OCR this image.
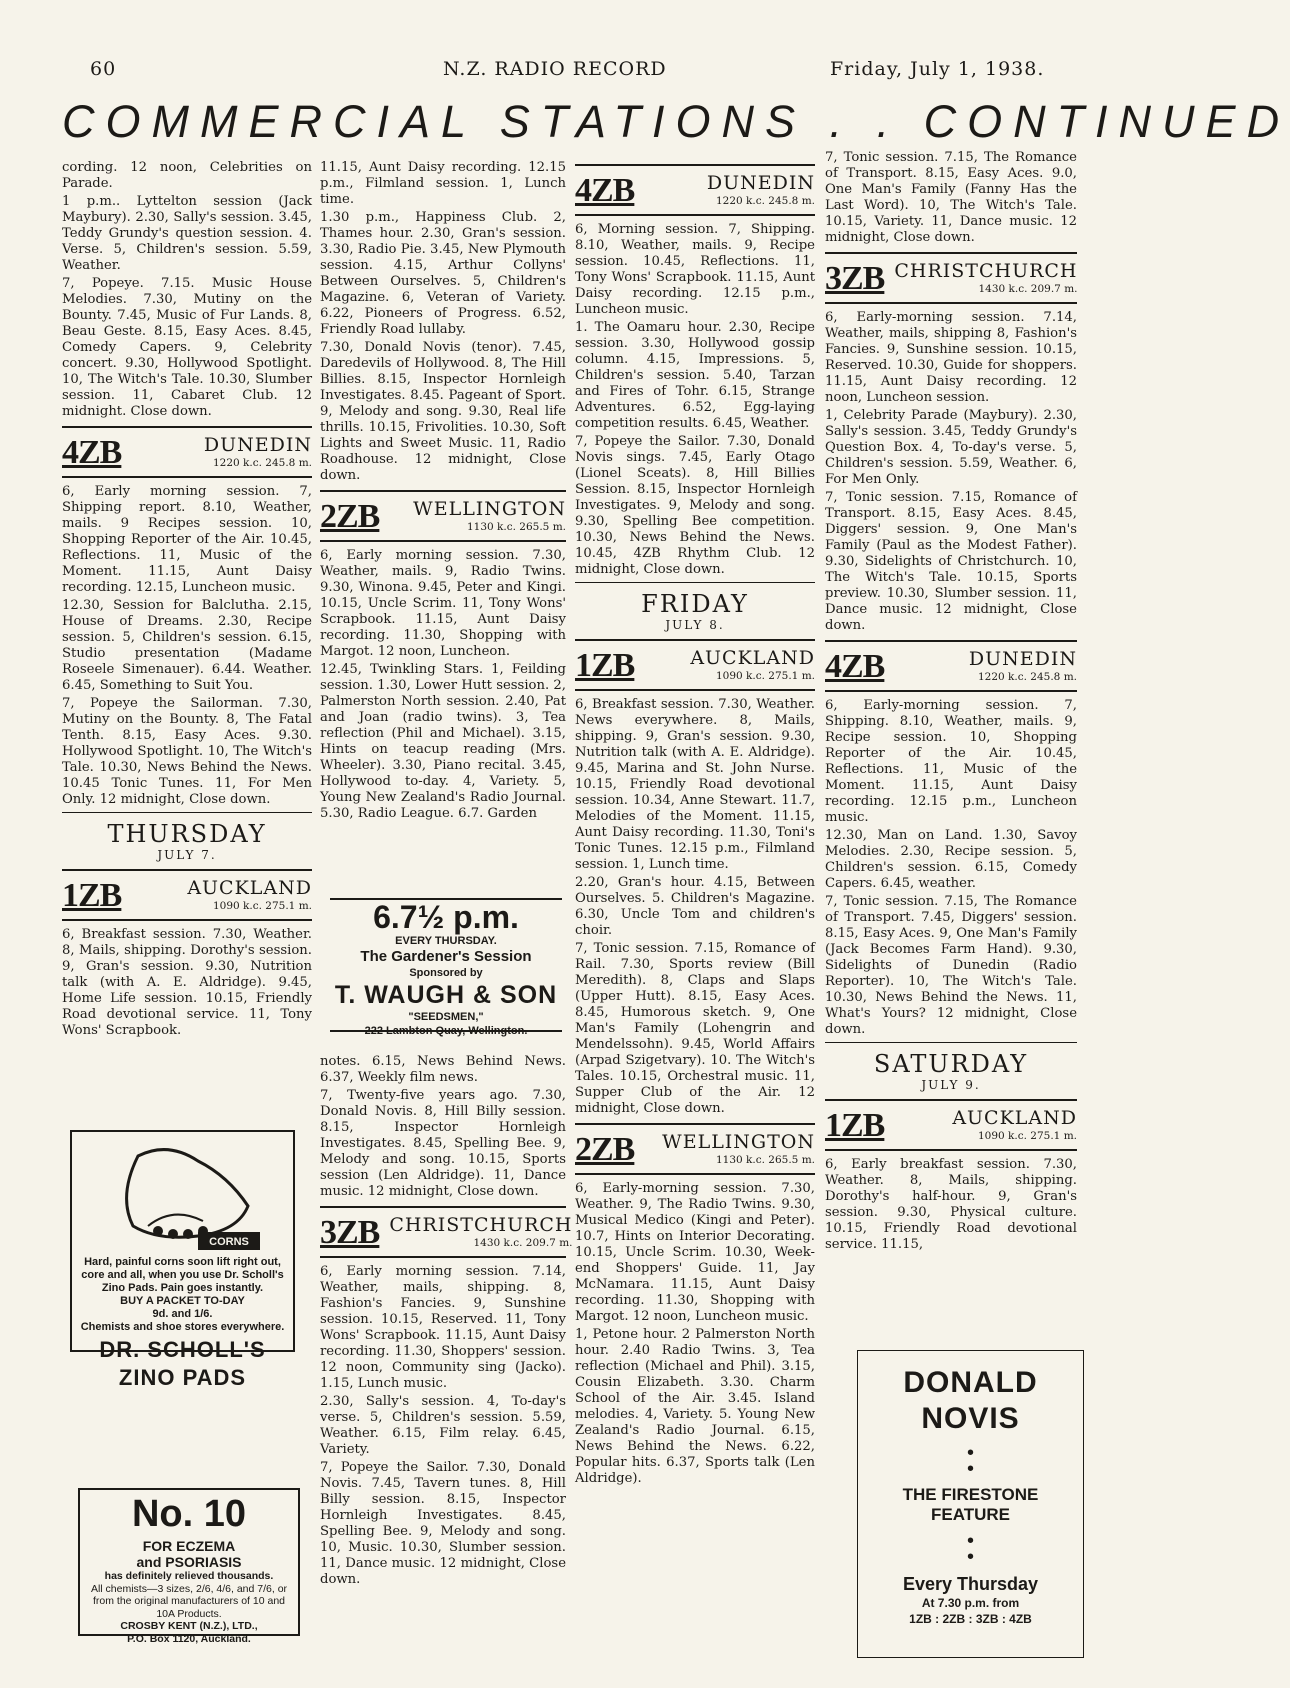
60	N.Z. RADIO RECORD	Friday, July 1, 1938.
COMMERCIAL STATIONS . . CONTINUED

cording. 12 noon, Celebrities on Parade.

1 p.m.. Lyttelton session (Jack Maybury). 2.30, Sally's session. 3.45, Teddy Grundy's question session. 4. Verse. 5, Children's session. 5.59, Weather.

7, Popeye. 7.15. Music House Melodies. 7.30, Mutiny on the Bounty. 7.45, Music of Fur Lands. 8, Beau Geste. 8.15, Easy Aces. 8.45, Comedy Capers. 9, Celebrity concert. 9.30, Hollywood Spotlight. 10, The Witch's Tale. 10.30, Slumber session. 11, Cabaret Club. 12 midnight. Close down.

4ZB	DUNEDIN
1220 k.c. 245.8 m.

6, Early morning session. 7, Shipping report. 8.10, Weather, mails. 9 Recipes session. 10, Shopping Reporter of the Air. 10.45, Reflections. 11, Music of the Moment. 11.15, Aunt Daisy recording. 12.15, Luncheon music.

12.30, Session for Balclutha. 2.15, House of Dreams. 2.30, Recipe session. 5, Children's session. 6.15, Studio presentation (Madame Roseele Simenauer). 6.44. Weather. 6.45, Something to Suit You.

7, Popeye the Sailorman. 7.30, Mutiny on the Bounty. 8, The Fatal Tenth. 8.15, Easy Aces. 9.30. Hollywood Spotlight. 10, The Witch's Tale. 10.30, News Behind the News. 10.45 Tonic Tunes. 11, For Men Only. 12 midnight, Close down.

THURSDAY
JULY 7.
1ZB	AUCKLAND
1090 k.c. 275.1 m.

6, Breakfast session. 7.30, Weather. 8, Mails, shipping. Dorothy's session. 9, Gran's session. 9.30, Nutrition talk (with A. E. Aldridge). 9.45, Home Life session. 10.15, Friendly Road devotional service. 11, Tony Wons' Scrapbook.

CORNS
Hard, painful corns soon lift right out, core and all, when you use Dr. Scholl's Zino Pads. Pain goes instantly.
BUY A PACKET TO-DAY
9d. and 1/6.
Chemists and shoe stores everywhere.
DR. SCHOLL'S
ZINO PADS
No. 10 FOR ECZEMA
and PSORIASIS
has definitely relieved thousands.
All chemists—3 sizes, 2/6, 4/6, and 7/6, or from the original manufacturers of 10 and 10A Products.
CROSBY KENT (N.Z.), LTD.,
P.O. Box 1120, Auckland.

11.15, Aunt Daisy recording. 12.15 p.m., Filmland session. 1, Lunch time.

1.30 p.m., Happiness Club. 2, Thames hour. 2.30, Gran's session. 3.30, Radio Pie. 3.45, New Plymouth session. 4.15, Arthur Collyns' Between Ourselves. 5, Children's Magazine. 6, Veteran of Variety. 6.22, Pioneers of Progress. 6.52, Friendly Road lullaby.

7.30, Donald Novis (tenor). 7.45, Daredevils of Hollywood. 8, The Hill Billies. 8.15, Inspector Hornleigh Investigates. 8.45. Pageant of Sport. 9, Melody and song. 9.30, Real life thrills. 10.15, Frivolities. 10.30, Soft Lights and Sweet Music. 11, Radio Roadhouse. 12 midnight, Close down.

2ZB	WELLINGTON
1130 k.c. 265.5 m.

6, Early morning session. 7.30, Weather, mails. 9, Radio Twins. 9.30, Winona. 9.45, Peter and Kingi. 10.15, Uncle Scrim. 11, Tony Wons' Scrapbook. 11.15, Aunt Daisy recording. 11.30, Shopping with Margot. 12 noon, Luncheon.

12.45, Twinkling Stars. 1, Feilding session. 1.30, Lower Hutt session. 2, Palmerston North session. 2.40, Pat and Joan (radio twins). 3, Tea reflection (Phil and Michael). 3.15, Hints on teacup reading (Mrs. Wheeler). 3.30, Piano recital. 3.45, Hollywood to-day. 4, Variety. 5, Young New Zealand's Radio Journal. 5.30, Radio League. 6.7. Garden

6.7½ p.m.
EVERY THURSDAY.
The Gardener's Session
Sponsored by
T. WAUGH & SON
"SEEDSMEN,"
222 Lambton Quay, Wellington.

notes. 6.15, News Behind News. 6.37, Weekly film news.

7, Twenty-five years ago. 7.30, Donald Novis. 8, Hill Billy session. 8.15, Inspector Hornleigh Investigates. 8.45, Spelling Bee. 9, Melody and song. 10.15, Sports session (Len Aldridge). 11, Dance music. 12 midnight, Close down.

3ZB CHRISTCHURCH
1430 k.c. 209.7 m.

6, Early morning session. 7.14, Weather, mails, shipping. 8, Fashion's Fancies. 9, Sunshine session. 10.15, Reserved. 11, Tony Wons' Scrapbook. 11.15, Aunt Daisy recording. 11.30, Shoppers' session. 12 noon, Community sing (Jacko). 1.15, Lunch music.

2.30, Sally's session. 4, To-day's verse. 5, Children's session. 5.59, Weather. 6.15, Film relay. 6.45, Variety.

7, Popeye the Sailor. 7.30, Donald Novis. 7.45, Tavern tunes. 8, Hill Billy session. 8.15, Inspector Hornleigh Investigates. 8.45, Spelling Bee. 9, Melody and song. 10, Music. 10.30, Slumber session. 11, Dance music. 12 midnight, Close down.

4ZB	DUNEDIN
1220 k.c. 245.8 m.

6, Morning session. 7, Shipping. 8.10, Weather, mails. 9, Recipe session. 10.45, Reflections. 11, Tony Wons' Scrapbook. 11.15, Aunt Daisy recording. 12.15 p.m., Luncheon music.

1. The Oamaru hour. 2.30, Recipe session. 3.30, Hollywood gossip column. 4.15, Impressions. 5, Children's session. 5.40, Tarzan and Fires of Tohr. 6.15, Strange Adventures. 6.52, Egg-laying competition results. 6.45, Weather.

7, Popeye the Sailor. 7.30, Donald Novis sings. 7.45, Early Otago (Lionel Sceats). 8, Hill Billies Session. 8.15, Inspector Hornleigh Investigates. 9, Melody and song. 9.30, Spelling Bee competition. 10.30, News Behind the News. 10.45, 4ZB Rhythm Club. 12 midnight, Close down.

FRIDAY
JULY 8.
1ZB	AUCKLAND
1090 k.c. 275.1 m.

6, Breakfast session. 7.30, Weather. News everywhere. 8, Mails, shipping. 9, Gran's session. 9.30, Nutrition talk (with A. E. Aldridge). 9.45, Marina and St. John Nurse. 10.15, Friendly Road devotional session. 10.34, Anne Stewart. 11.7, Melodies of the Moment. 11.15, Aunt Daisy recording. 11.30, Toni's Tonic Tunes. 12.15 p.m., Filmland session. 1, Lunch time.

2.20, Gran's hour. 4.15, Between Ourselves. 5. Children's Magazine. 6.30, Uncle Tom and children's choir.

7, Tonic session. 7.15, Romance of Rail. 7.30, Sports review (Bill Meredith). 8, Claps and Slaps (Upper Hutt). 8.15, Easy Aces. 8.45, Humorous sketch. 9, One Man's Family (Lohengrin and Mendelssohn). 9.45, World Affairs (Arpad Szigetvary). 10. The Witch's Tales. 10.15, Orchestral music. 11, Supper Club of the Air. 12 midnight, Close down.

2ZB	WELLINGTON
1130 k.c. 265.5 m.

6, Early-morning session. 7.30, Weather. 9, The Radio Twins. 9.30, Musical Medico (Kingi and Peter). 10.7, Hints on Interior Decorating. 10.15, Uncle Scrim. 10.30, Week-end Shoppers' Guide. 11, Jay McNamara. 11.15, Aunt Daisy recording. 11.30, Shopping with Margot. 12 noon, Luncheon music.

1, Petone hour. 2 Palmerston North hour. 2.40 Radio Twins. 3, Tea reflection (Michael and Phil). 3.15, Cousin Elizabeth. 3.30. Charm School of the Air. 3.45. Island melodies. 4, Variety. 5. Young New Zealand's Radio Journal. 6.15, News Behind the News. 6.22, Popular hits. 6.37, Sports talk (Len Aldridge).

7, Tonic session. 7.15, The Romance of Transport. 8.15, Easy Aces. 9.0, One Man's Family (Fanny Has the Last Word). 10, The Witch's Tale. 10.15, Variety. 11, Dance music. 12 midnight, Close down.

3ZB CHRISTCHURCH
1430 k.c. 209.7 m.

6, Early-morning session. 7.14, Weather, mails, shipping 8, Fashion's Fancies. 9, Sunshine session. 10.15, Reserved. 10.30, Guide for shoppers. 11.15, Aunt Daisy recording. 12 noon, Luncheon session.

1, Celebrity Parade (Maybury). 2.30, Sally's session. 3.45, Teddy Grundy's Question Box. 4, To-day's verse. 5, Children's session. 5.59, Weather. 6, For Men Only.

7, Tonic session. 7.15, Romance of Transport. 8.15, Easy Aces. 8.45, Diggers' session. 9, One Man's Family (Paul as the Modest Father). 9.30, Sidelights of Christchurch. 10, The Witch's Tale. 10.15, Sports preview. 10.30, Slumber session. 11, Dance music. 12 midnight, Close down.

4ZB	DUNEDIN
1220 k.c. 245.8 m.

6, Early-morning session. 7, Shipping. 8.10, Weather, mails. 9, Recipe session. 10, Shopping Reporter of the Air. 10.45, Reflections. 11, Music of the Moment. 11.15, Aunt Daisy recording. 12.15 p.m., Luncheon music.

12.30, Man on Land. 1.30, Savoy Melodies. 2.30, Recipe session. 5, Children's session. 6.15, Comedy Capers. 6.45, weather.

7, Tonic session. 7.15, The Romance of Transport. 7.45, Diggers' session. 8.15, Easy Aces. 9, One Man's Family (Jack Becomes Farm Hand). 9.30, Sidelights of Dunedin (Radio Reporter). 10, The Witch's Tale. 10.30, News Behind the News. 11, What's Yours? 12 midnight, Close down.

SATURDAY
JULY 9.
1ZB	AUCKLAND
1090 k.c. 275.1 m.

6, Early breakfast session. 7.30, Weather. 8, Mails, shipping. Dorothy's half-hour. 9, Gran's session. 9.30, Physical culture. 10.15, Friendly Road devotional service. 11.15,

DONALD
NOVIS
•
•
THE FIRESTONE
FEATURE
•
•
Every Thursday
At 7.30 p.m. from
1ZB : 2ZB : 3ZB : 4ZB
